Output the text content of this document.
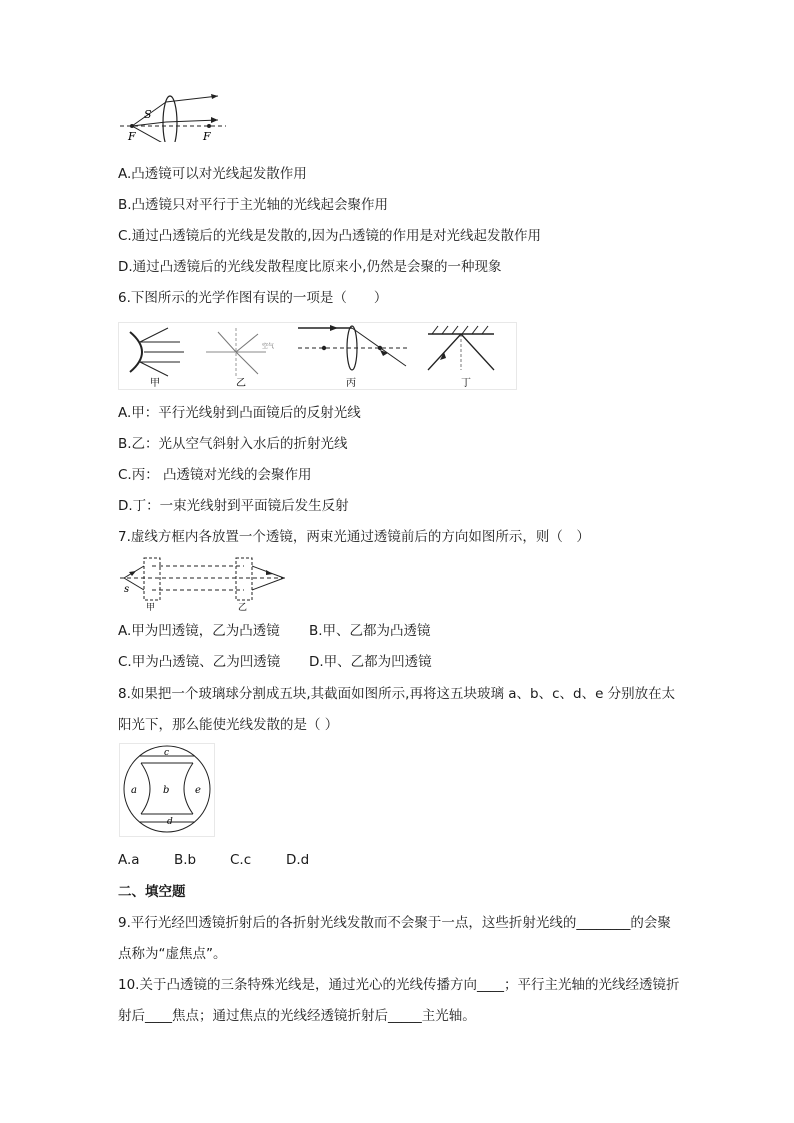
S
F	F
A.凸透镜可以对光线起发散作用
B.凸透镜只对平行于主光轴的光线起会聚作用
C.通过凸透镜后的光线是发散的,因为凸透镜的作用是对光线起发散作用
D.通过凸透镜后的光线发散程度比原来小,仍然是会聚的一种现象
6.下图所示的光学作图有误的一项是（　　）
甲
空气
乙	丙	丁
A.甲：平行光线射到凸面镜后的反射光线
B.乙：光从空气斜射入水后的折射光线
C.丙： 凸透镜对光线的会聚作用
D.丁：一束光线射到平面镜后发生反射
7.虚线方框内各放置一个透镜，两束光通过透镜前后的方向如图所示，则（　）
s
甲	乙
A.甲为凹透镜，乙为凸透镜 B.甲、乙都为凸透镜
C.甲为凸透镜、乙为凹透镜 D.甲、乙都为凹透镜
8.如果把一个玻璃球分割成五块,其截面如图所示,再将这五块玻璃 a、b、c、d、e 分别放在太
阳光下，那么能使光线发散的是（ ）
a	b
c
d
e
A.a	B.b	C.c	D.d
二、填空题
9.平行光经凹透镜折射后的各折射光线发散而不会聚于一点，这些折射光线的________的会聚
点称为“虚焦点”。
10.关于凸透镜的三条特殊光线是，通过光心的光线传播方向____；平行主光轴的光线经透镜折
射后____焦点；通过焦点的光线经透镜折射后_____主光轴。
